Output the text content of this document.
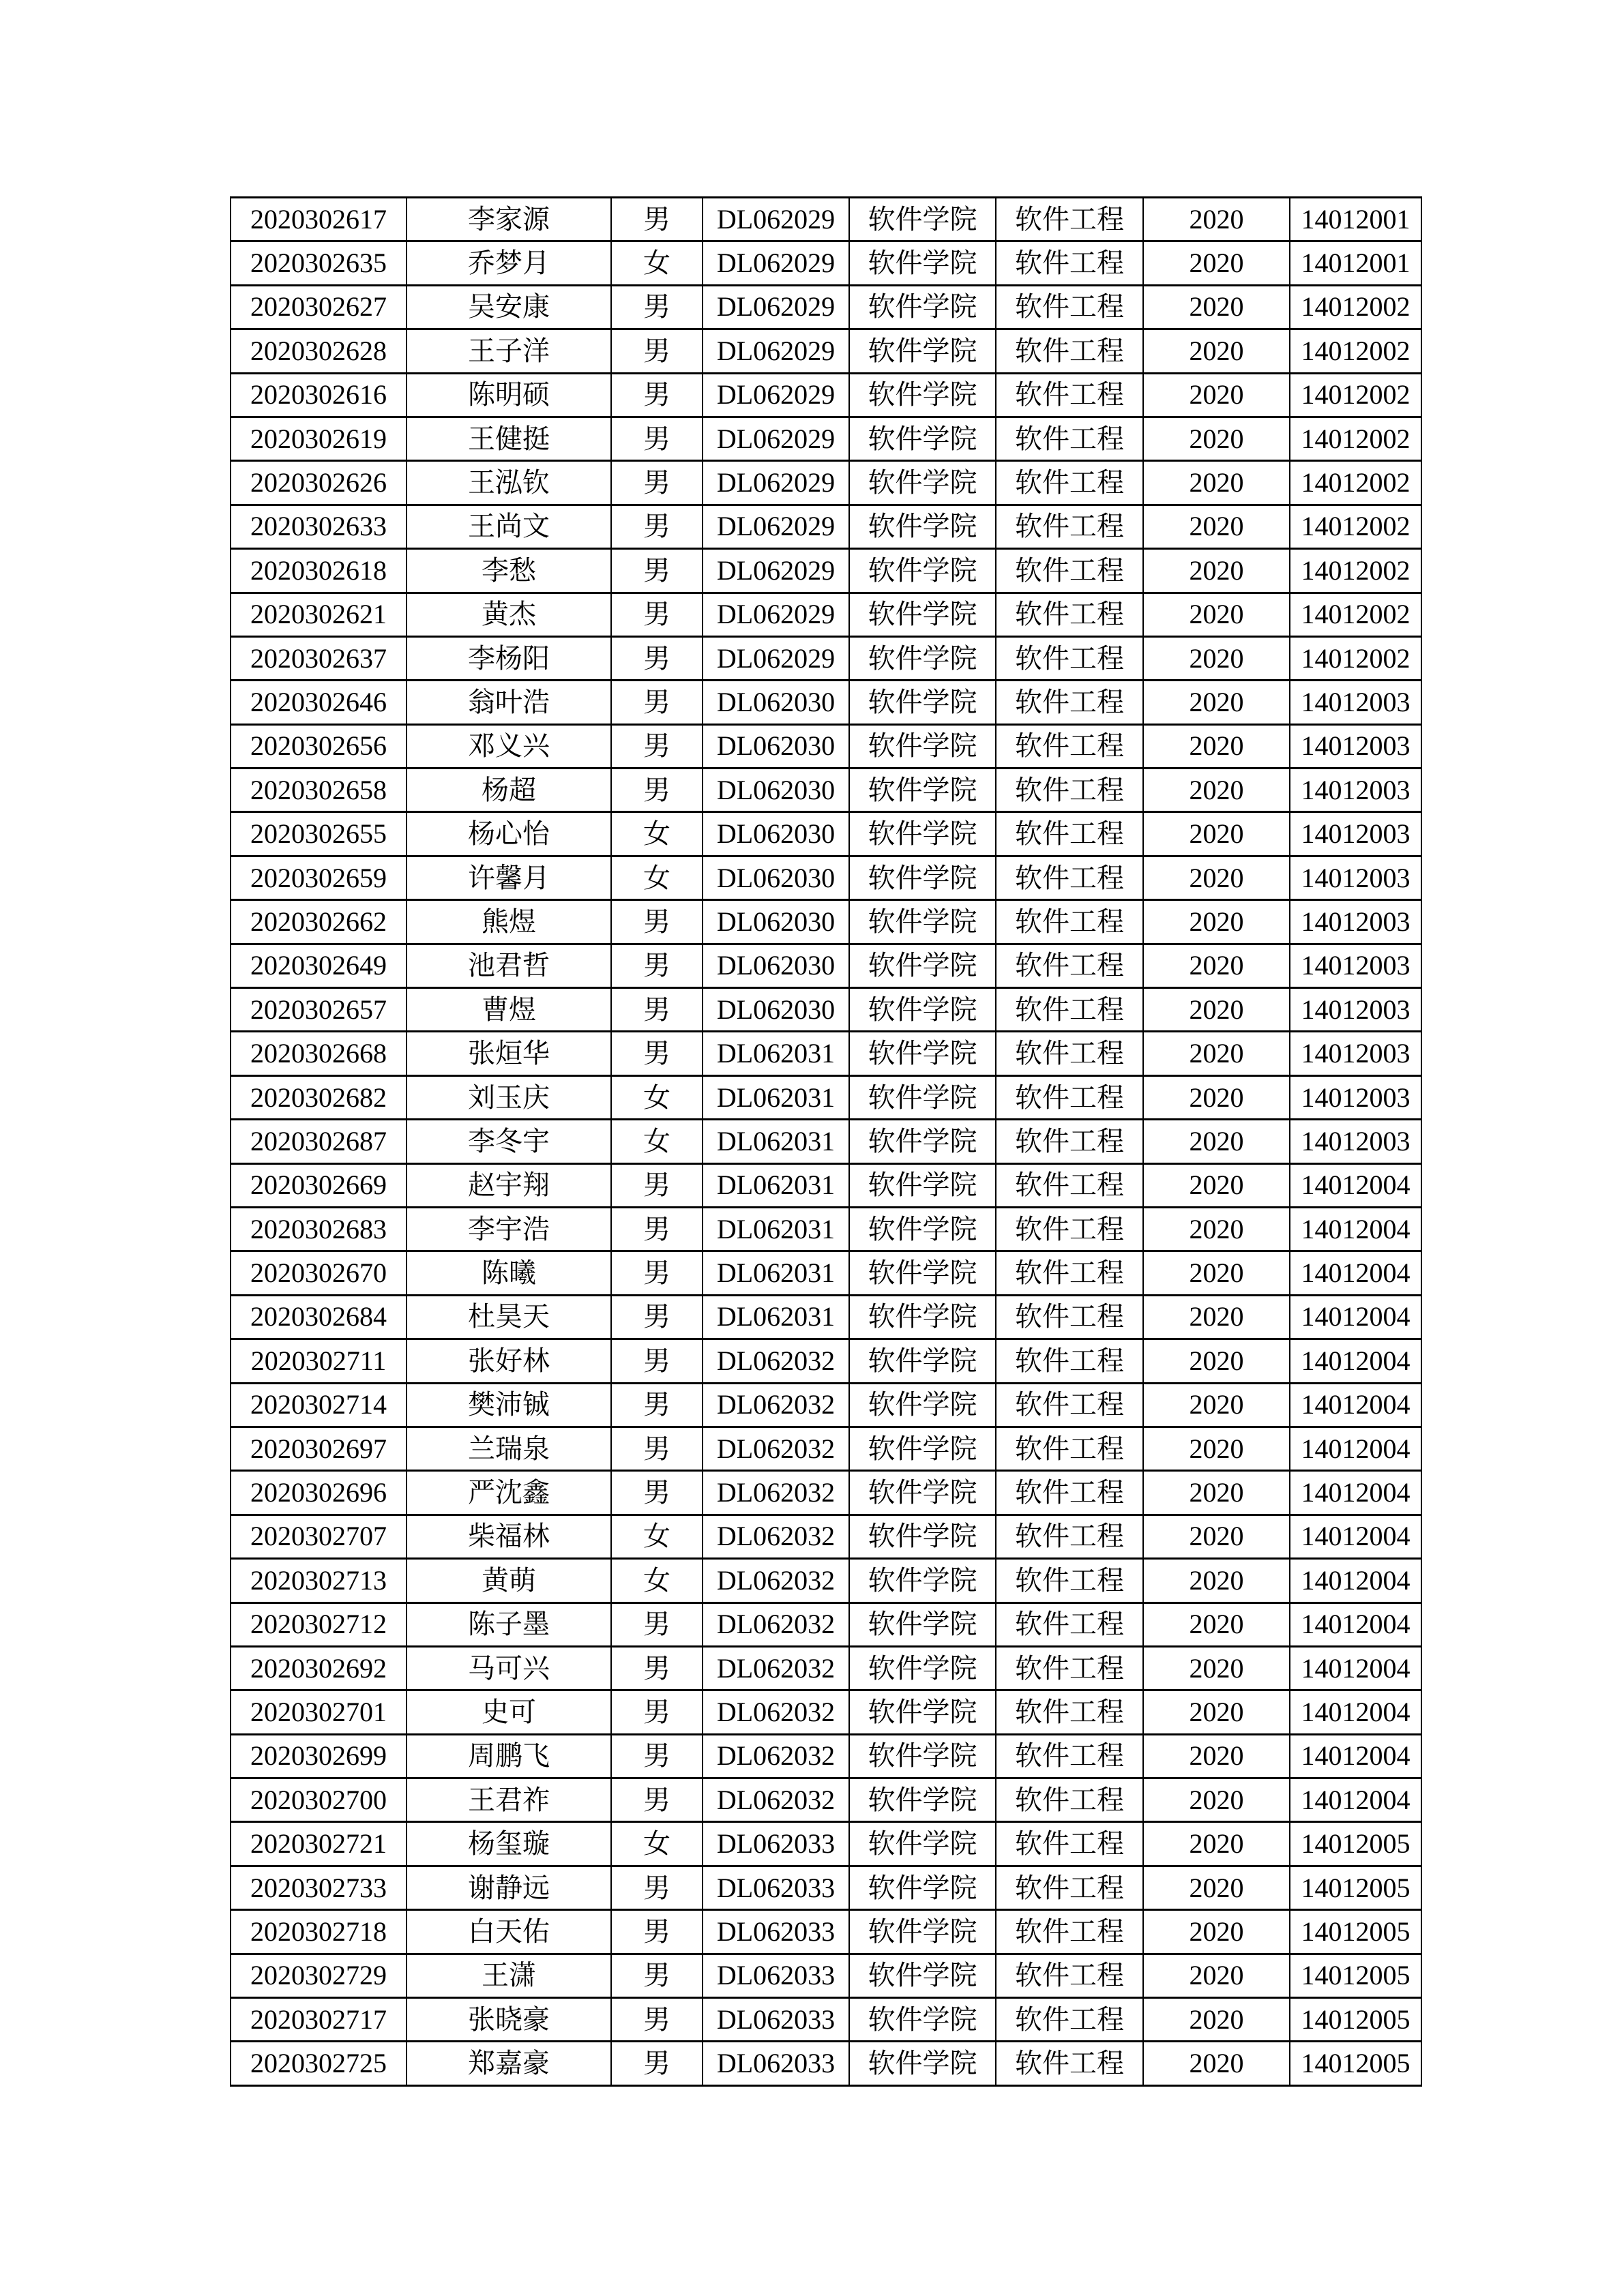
2020302617	李家源	男	DL062029	软件学院	软件工程	2020	14012001
2020302635	乔梦月	女	DL062029	软件学院	软件工程	2020	14012001
2020302627	吴安康	男	DL062029	软件学院	软件工程	2020	14012002
2020302628	王子洋	男	DL062029	软件学院	软件工程	2020	14012002
2020302616	陈明硕	男	DL062029	软件学院	软件工程	2020	14012002
2020302619	王健挺	男	DL062029	软件学院	软件工程	2020	14012002
2020302626	王泓钦	男	DL062029	软件学院	软件工程	2020	14012002
2020302633	王尚文	男	DL062029	软件学院	软件工程	2020	14012002
2020302618	李愁	男	DL062029	软件学院	软件工程	2020	14012002
2020302621	黄杰	男	DL062029	软件学院	软件工程	2020	14012002
2020302637	李杨阳	男	DL062029	软件学院	软件工程	2020	14012002
2020302646	翁叶浩	男	DL062030	软件学院	软件工程	2020	14012003
2020302656	邓义兴	男	DL062030	软件学院	软件工程	2020	14012003
2020302658	杨超	男	DL062030	软件学院	软件工程	2020	14012003
2020302655	杨心怡	女	DL062030	软件学院	软件工程	2020	14012003
2020302659	许馨月	女	DL062030	软件学院	软件工程	2020	14012003
2020302662	熊煜	男	DL062030	软件学院	软件工程	2020	14012003
2020302649	池君哲	男	DL062030	软件学院	软件工程	2020	14012003
2020302657	曹煜	男	DL062030	软件学院	软件工程	2020	14012003
2020302668	张烜华	男	DL062031	软件学院	软件工程	2020	14012003
2020302682	刘玉庆	女	DL062031	软件学院	软件工程	2020	14012003
2020302687	李冬宇	女	DL062031	软件学院	软件工程	2020	14012003
2020302669	赵宇翔	男	DL062031	软件学院	软件工程	2020	14012004
2020302683	李宇浩	男	DL062031	软件学院	软件工程	2020	14012004
2020302670	陈曦	男	DL062031	软件学院	软件工程	2020	14012004
2020302684	杜昊天	男	DL062031	软件学院	软件工程	2020	14012004
2020302711	张好林	男	DL062032	软件学院	软件工程	2020	14012004
2020302714	樊沛铖	男	DL062032	软件学院	软件工程	2020	14012004
2020302697	兰瑞泉	男	DL062032	软件学院	软件工程	2020	14012004
2020302696	严沈鑫	男	DL062032	软件学院	软件工程	2020	14012004
2020302707	柴福林	女	DL062032	软件学院	软件工程	2020	14012004
2020302713	黄萌	女	DL062032	软件学院	软件工程	2020	14012004
2020302712	陈子墨	男	DL062032	软件学院	软件工程	2020	14012004
2020302692	马可兴	男	DL062032	软件学院	软件工程	2020	14012004
2020302701	史可	男	DL062032	软件学院	软件工程	2020	14012004
2020302699	周鹏飞	男	DL062032	软件学院	软件工程	2020	14012004
2020302700	王君祚	男	DL062032	软件学院	软件工程	2020	14012004
2020302721	杨玺璇	女	DL062033	软件学院	软件工程	2020	14012005
2020302733	谢静远	男	DL062033	软件学院	软件工程	2020	14012005
2020302718	白天佑	男	DL062033	软件学院	软件工程	2020	14012005
2020302729	王潇	男	DL062033	软件学院	软件工程	2020	14012005
2020302717	张晓豪	男	DL062033	软件学院	软件工程	2020	14012005
2020302725	郑嘉豪	男	DL062033	软件学院	软件工程	2020	14012005
